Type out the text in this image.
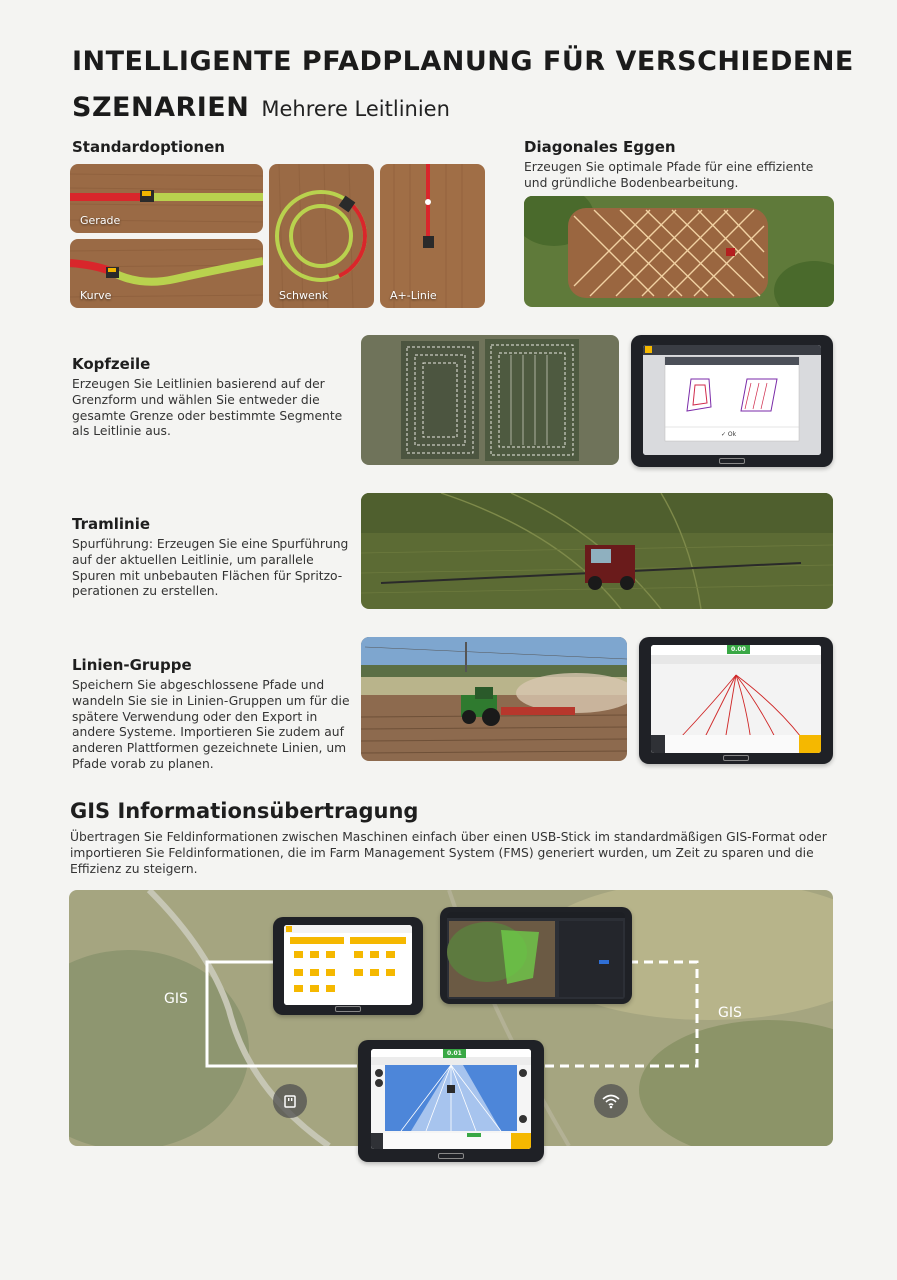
INTELLIGENTE PFADPLANUNG FÜR VERSCHIEDENE
SZENARIEN Mehrere Leitlinien
Standardoptionen
Gerade
Kurve	Schwenk	A+-Linie
Diagonales Eggen
Erzeugen Sie optimale Pfade für eine effiziente und gründliche Bodenbearbeitung.
Kopfzeile
Erzeugen Sie Leitlinien basierend auf der Grenzform und wählen Sie entweder die gesamte Grenze oder bestimmte Segmente als Leitlinie aus.	✓ Ok
Tramlinie
Spurführung: Erzeugen Sie eine Spurführung auf der aktuellen Leitlinie, um parallele Spuren mit unbebauten Flächen für Spritzo- perationen zu erstellen.
Linien-Gruppe
Speichern Sie abgeschlossene Pfade und wandeln Sie sie in Linien-Gruppen um für die spätere Verwendung oder den Export in andere Systeme. Importieren Sie zudem auf anderen Plattformen gezeichnete Linien, um Pfade vorab zu planen.
0.00
GIS Informationsübertragung
Übertragen Sie Feldinformationen zwischen Maschinen einfach über einen USB-Stick im standardmäßigen GIS-Format oder importieren Sie Feldinformationen, die im Farm Management System (FMS) generiert wurden, um Zeit zu sparen und die Effizienz zu steigern.
GIS
GIS
0.01
